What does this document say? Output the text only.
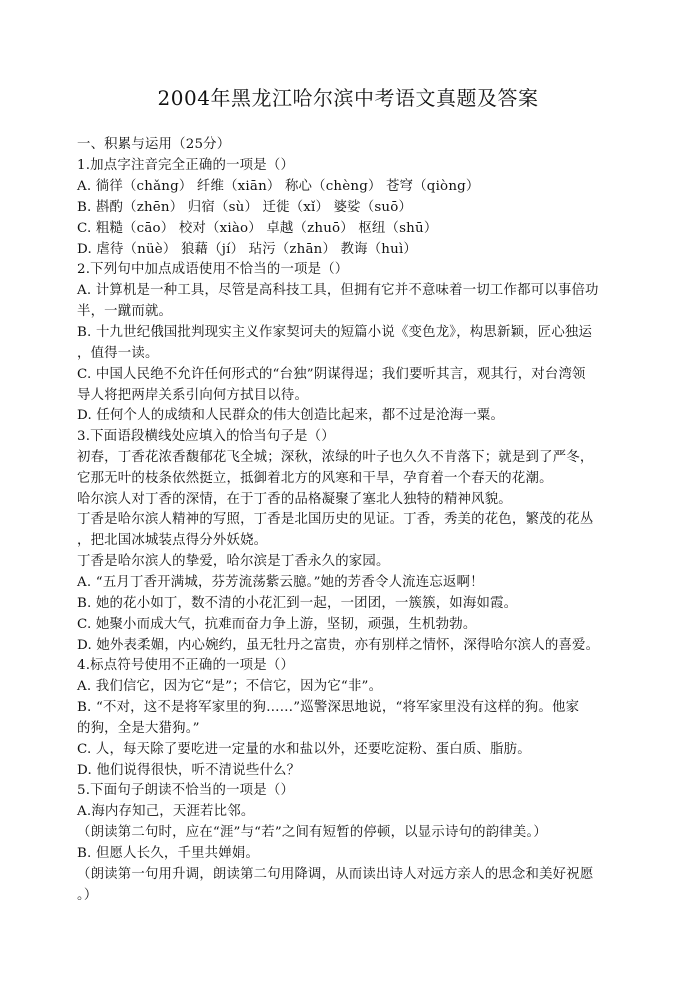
2004年黑龙江哈尔滨中考语文真题及答案
一、积累与运用（25分）
1.加点字注音完全正确的一项是（）
A. 徜徉（chǎng） 纤维（xiān） 称心（chèng） 苍穹（qiòng）
B. 斟酌（zhēn） 归宿（sù） 迁徙（xǐ） 婆娑（suō）
C. 粗糙（cāo） 校对（xiào） 卓越（zhuō） 枢纽（shū）
D. 虐待（nüè） 狼藉（jí） 玷污（zhān） 教诲（huì）
2.下列句中加点成语使用不恰当的一项是（）
A. 计算机是一种工具，尽管是高科技工具，但拥有它并不意味着一切工作都可以事倍功
半，一蹴而就。
B. 十九世纪俄国批判现实主义作家契诃夫的短篇小说《变色龙》，构思新颖，匠心独运
，值得一读。
C. 中国人民绝不允许任何形式的“台独”阴谋得逞；我们要听其言，观其行，对台湾领
导人将把两岸关系引向何方拭目以待。
D. 任何个人的成绩和人民群众的伟大创造比起来，都不过是沧海一粟。
3.下面语段横线处应填入的恰当句子是（）
初春，丁香花浓香馥郁花飞全城；深秋，浓绿的叶子也久久不肯落下；就是到了严冬，
它那无叶的枝条依然挺立，抵御着北方的风寒和干旱，孕育着一个春天的花潮。
哈尔滨人对丁香的深情，在于丁香的品格凝聚了塞北人独特的精神风貌。
丁香是哈尔滨人精神的写照，丁香是北国历史的见证。丁香，秀美的花色，繁茂的花丛
，把北国冰城装点得分外妖娆。
丁香是哈尔滨人的挚爱，哈尔滨是丁香永久的家园。
A. “五月丁香开满城，芬芳流荡紫云臆。”她的芳香令人流连忘返啊！
B. 她的花小如丁，数不清的小花汇到一起，一团团，一簇簇，如海如霞。
C. 她聚小而成大气，抗难而奋力争上游，坚韧，顽强，生机勃勃。
D. 她外表柔媚，内心婉约，虽无牡丹之富贵，亦有别样之情怀，深得哈尔滨人的喜爱。
4.标点符号使用不正确的一项是（）
A. 我们信它，因为它“是”；不信它，因为它“非”。
B. “不对，这不是将军家里的狗……”巡警深思地说，“将军家里没有这样的狗。他家
的狗，全是大猎狗。”
C. 人，每天除了要吃进一定量的水和盐以外，还要吃淀粉、蛋白质、脂肪。
D. 他们说得很快，听不清说些什么？
5.下面句子朗读不恰当的一项是（）
A.海内存知己，天涯若比邻。
（朗读第二句时，应在“涯”与“若”之间有短暂的停顿，以显示诗句的韵律美。）
B. 但愿人长久，千里共婵娟。
（朗读第一句用升调，朗读第二句用降调，从而读出诗人对远方亲人的思念和美好祝愿
。）
